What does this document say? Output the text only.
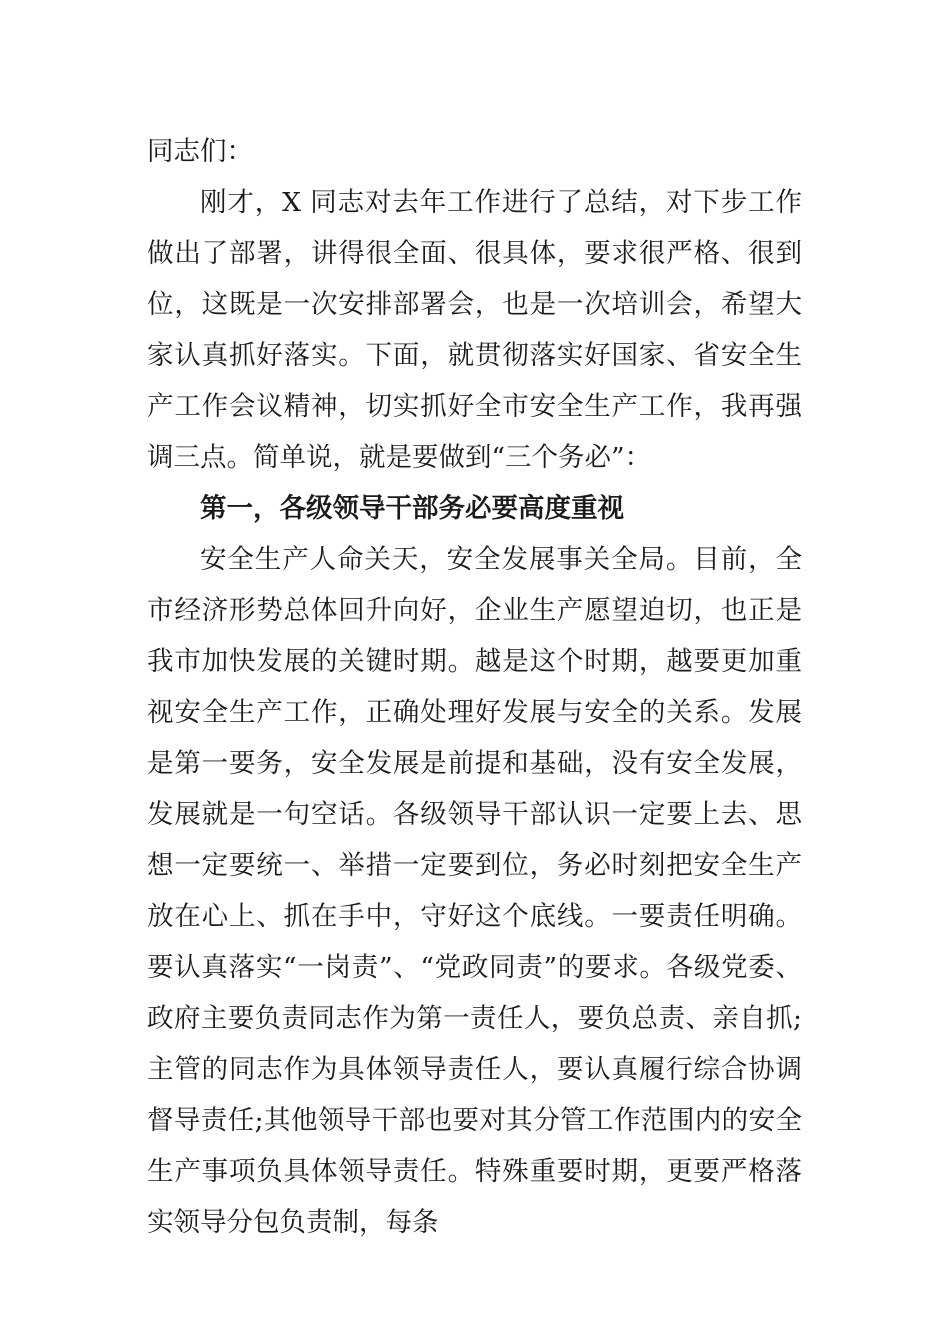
同志们：

刚才，X 同志对去年工作进行了总结，对下步工作做出了部署，讲得很全面、很具体，要求很严格、很到位，这既是一次安排部署会，也是一次培训会，希望大家认真抓好落实。下面，就贯彻落实好国家、省安全生产工作会议精神，切实抓好全市安全生产工作，我再强调三点。简单说，就是要做到“三个务必”：

第一，各级领导干部务必要高度重视

安全生产人命关天，安全发展事关全局。目前，全市经济形势总体回升向好，企业生产愿望迫切，也正是我市加快发展的关键时期。越是这个时期，越要更加重视安全生产工作，正确处理好发展与安全的关系。发展是第一要务，安全发展是前提和基础，没有安全发展，发展就是一句空话。各级领导干部认识一定要上去、思想一定要统一、举措一定要到位，务必时刻把安全生产放在心上、抓在手中，守好这个底线。一要责任明确。要认真落实“一岗责”、“党政同责”的要求。各级党委、政府主要负责同志作为第一责任人，要负总责、亲自抓;主管的同志作为具体领导责任人，要认真履行综合协调督导责任;其他领导干部也要对其分管工作范围内的安全生产事项负具体领导责任。特殊重要时期，更要严格落实领导分包负责制，每条
